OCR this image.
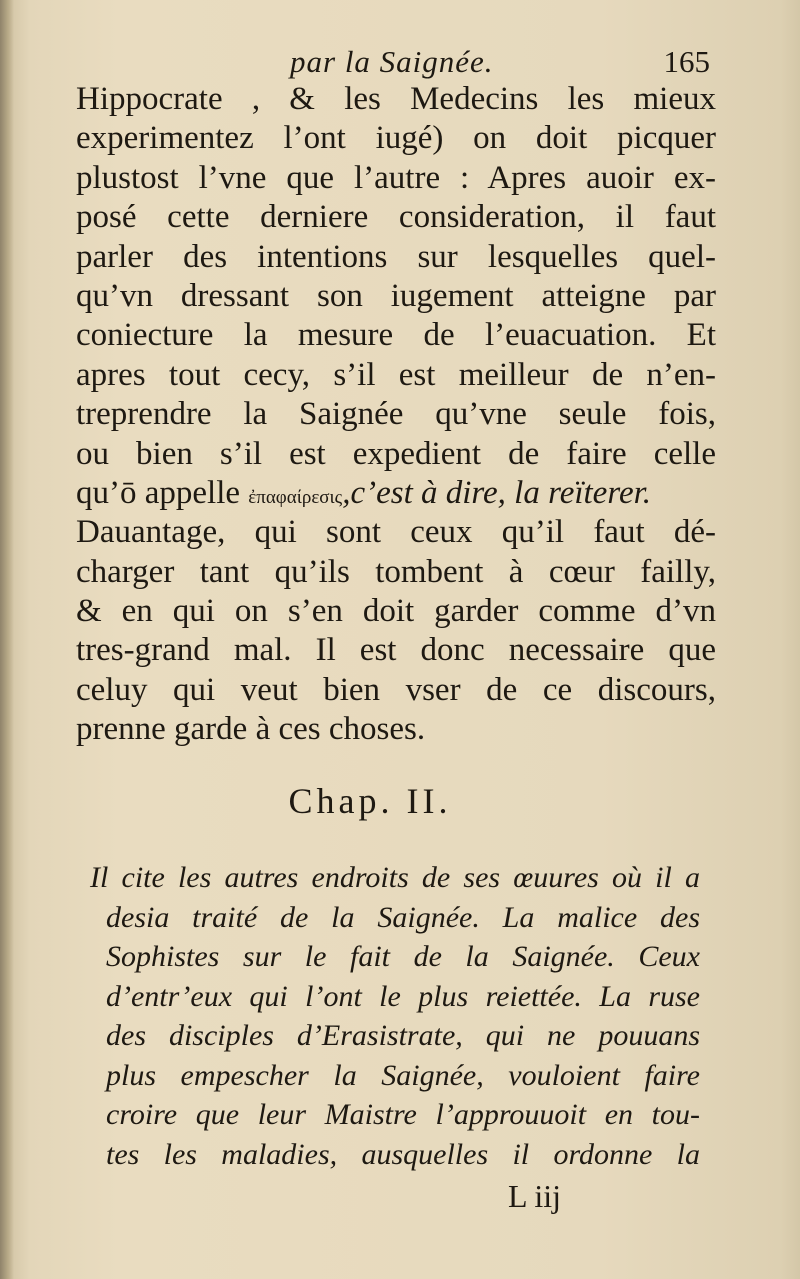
par la Saignée.	165
Hippocrate , & les Medecins les mieux
experimentez l’ont iugé) on doit picquer
plustost l’vne que l’autre : Apres auoir ex-
posé cette derniere consideration, il faut
parler des intentions sur lesquelles quel-
qu’vn dressant son iugement atteigne par
coniecture la mesure de l’euacuation. Et
apres tout cecy, s’il est meilleur de n’en-
treprendre la Saignée qu’vne seule fois,
ou bien s’il est expedient de faire celle
qu’ō appelle ἐπαφαίρεσις,c’est à dire, la reïterer.
Dauantage, qui sont ceux qu’il faut dé-
charger tant qu’ils tombent à cœur failly,
& en qui on s’en doit garder comme d’vn
tres-grand mal. Il est donc necessaire que
celuy qui veut bien vser de ce discours,
prenne garde à ces choses.
Chap. II.
Il cite les autres endroits de ses œuures où il a
desia traité de la Saignée. La malice des
Sophistes sur le fait de la Saignée. Ceux
d’entr’eux qui l’ont le plus reiettée. La ruse
des disciples d’Erasistrate, qui ne pouuans
plus empescher la Saignée, vouloient faire
croire que leur Maistre l’approuuoit en tou-
tes les maladies, ausquelles il ordonne la
L iij
